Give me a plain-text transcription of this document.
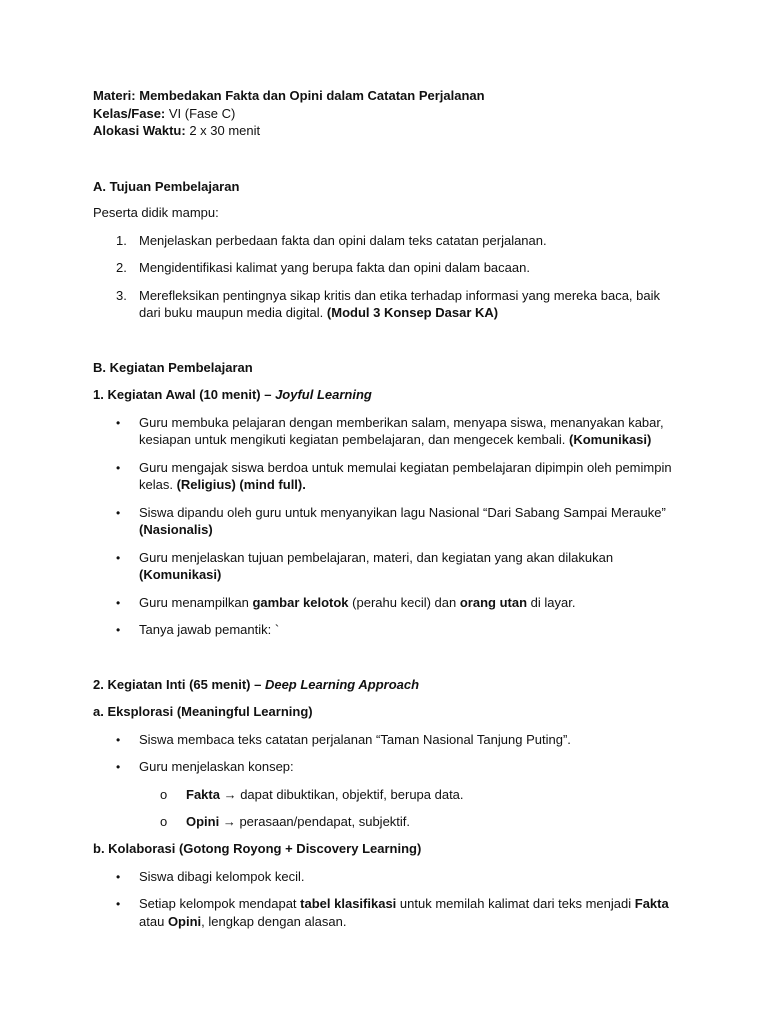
Materi: Membedakan Fakta dan Opini dalam Catatan Perjalanan
Kelas/Fase: VI (Fase C)
Alokasi Waktu: 2 x 30 menit
A. Tujuan Pembelajaran
Peserta didik mampu:
1. Menjelaskan perbedaan fakta dan opini dalam teks catatan perjalanan.
2. Mengidentifikasi kalimat yang berupa fakta dan opini dalam bacaan.
3. Merefleksikan pentingnya sikap kritis dan etika terhadap informasi yang mereka baca, baik
dari buku maupun media digital. (Modul 3 Konsep Dasar KA)
B. Kegiatan Pembelajaran
1. Kegiatan Awal (10 menit) – Joyful Learning
• Guru membuka pelajaran dengan memberikan salam, menyapa siswa, menanyakan kabar,
kesiapan untuk mengikuti kegiatan pembelajaran, dan mengecek kembali. (Komunikasi)
• Guru mengajak siswa berdoa untuk memulai kegiatan pembelajaran dipimpin oleh pemimpin
kelas. (Religius) (mind full).
• Siswa dipandu oleh guru untuk menyanyikan lagu Nasional “Dari Sabang Sampai Merauke”
(Nasionalis)
• Guru menjelaskan tujuan pembelajaran, materi, dan kegiatan yang akan dilakukan
(Komunikasi)
• Guru menampilkan gambar kelotok (perahu kecil) dan orang utan di layar.
• Tanya jawab pemantik: `
2. Kegiatan Inti (65 menit) – Deep Learning Approach
a. Eksplorasi (Meaningful Learning)
• Siswa membaca teks catatan perjalanan “Taman Nasional Tanjung Puting”.
• Guru menjelaskan konsep:
o Fakta → dapat dibuktikan, objektif, berupa data.
o Opini → perasaan/pendapat, subjektif.
b. Kolaborasi (Gotong Royong + Discovery Learning)
• Siswa dibagi kelompok kecil.
• Setiap kelompok mendapat tabel klasifikasi untuk memilah kalimat dari teks menjadi Fakta
atau Opini, lengkap dengan alasan.
